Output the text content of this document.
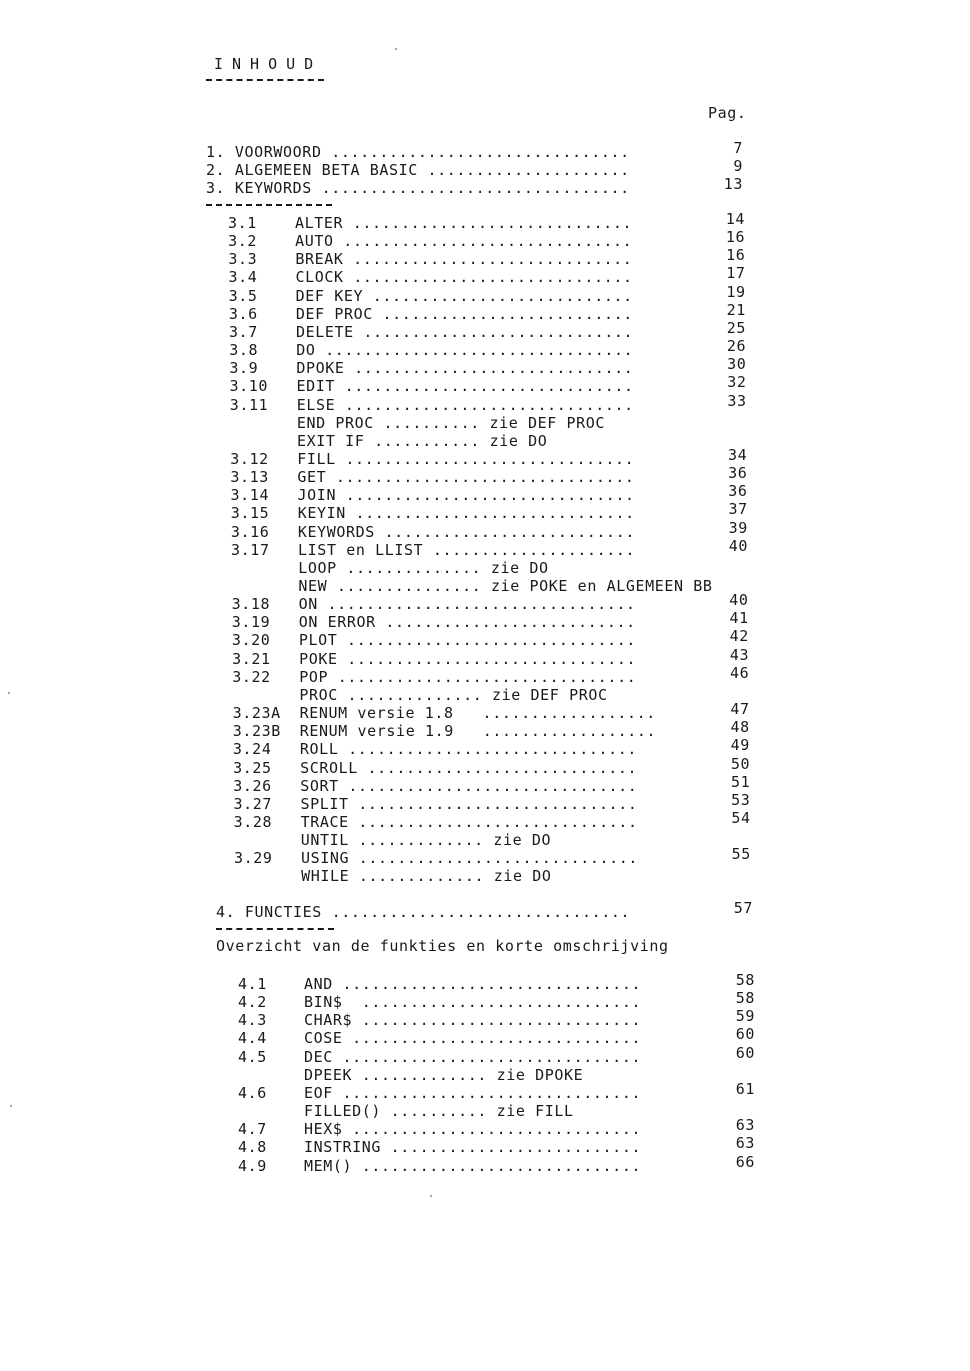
INHOUD
Pag.
1. VOORWOORD ...............................	7
2. ALGEMEEN BETA BASIC .....................	9
3. KEYWORDS ................................	13
3.1	ALTER .............................	14
3.2	AUTO ..............................	16
3.3	BREAK .............................	16
3.4	CLOCK .............................	17
3.5	DEF KEY ...........................	19
3.6	DEF PROC ..........................	21
3.7	DELETE ............................	25
3.8	DO ................................	26
3.9	DPOKE .............................	30
3.10 EDIT ..............................	32
3.11 ELSE ..............................	33
END PROC .......... zie DEF PROC
EXIT IF ........... zie DO
3.12 FILL ..............................	34
3.13 GET ...............................	36
3.14 JOIN ..............................	36
3.15 KEYIN .............................	37
3.16 KEYWORDS ..........................	39
3.17 LIST en LLIST .....................	40
LOOP .............. zie DO
NEW ............... zie POKE en ALGEMEEN BB
3.18 ON ................................	40
3.19 ON ERROR ..........................	41
3.20 PLOT ..............................	42
3.21 POKE ..............................	43
3.22 POP ...............................	46
PROC .............. zie DEF PROC
3.23A RENUM versie 1.8   ..................	47
3.23B RENUM versie 1.9   ..................	48
3.24 ROLL ..............................	49
3.25 SCROLL ............................	50
3.26 SORT ..............................	51
3.27 SPLIT .............................	53
3.28 TRACE .............................	54
UNTIL ............. zie DO
3.29 USING .............................	55
WHILE ............. zie DO
4. FUNCTIES ...............................	57
Overzicht van de funkties en korte omschrijving
4.1 AND ...............................	58
4.2 BIN$  .............................	58
4.3 CHAR$ .............................	59
4.4 COSE ..............................	60
4.5 DEC ...............................	60
DPEEK ............. zie DPOKE
4.6 EOF ...............................	61
FILLED() .......... zie FILL
4.7 HEX$ ..............................	63
4.8 INSTRING ..........................	63
4.9 MEM() .............................	66
